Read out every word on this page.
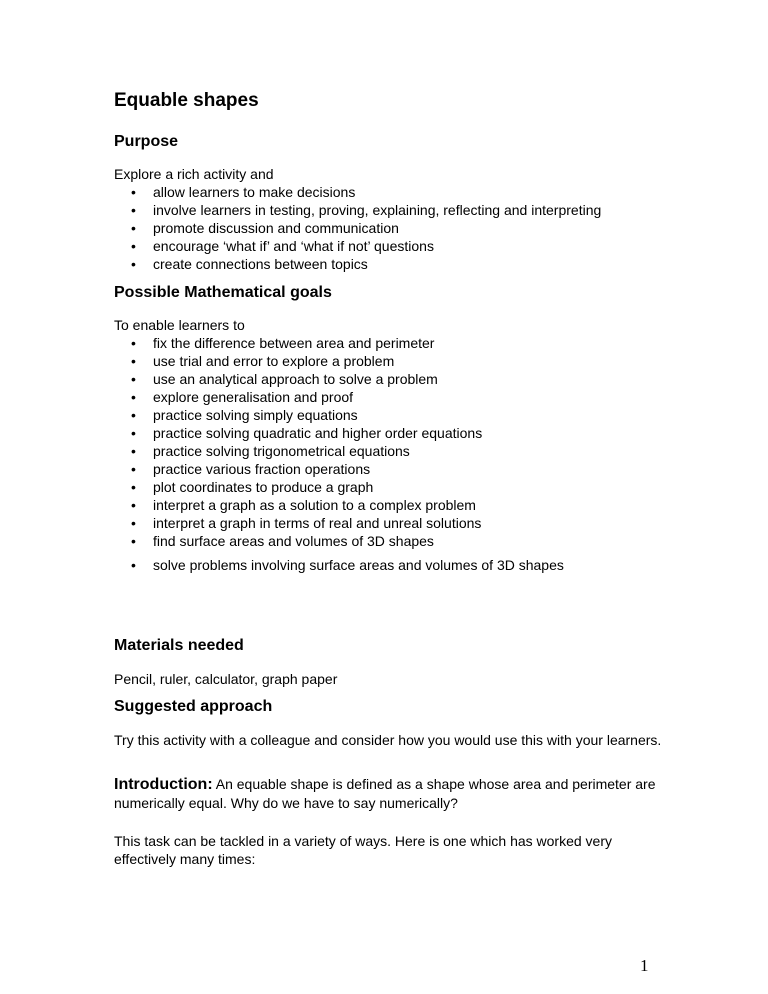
Equable shapes
Purpose

Explore a rich activity and

• allow learners to make decisions
• involve learners in testing, proving, explaining, reflecting and interpreting
• promote discussion and communication
• encourage ‘what if’ and ‘what if not’ questions
• create connections between topics
Possible Mathematical goals

To enable learners to

• fix the difference between area and perimeter
• use trial and error to explore a problem
• use an analytical approach to solve a problem
• explore generalisation and proof
• practice solving simply equations
• practice solving quadratic and higher order equations
• practice solving trigonometrical equations
• practice various fraction operations
• plot coordinates to produce a graph
• interpret a graph as a solution to a complex problem
• interpret a graph in terms of real and unreal solutions
• find surface areas and volumes of 3D shapes
• solve problems involving surface areas and volumes of 3D shapes
Materials needed

Pencil, ruler, calculator, graph paper

Suggested approach

Try this activity with a colleague and consider how you would use this with your learners.

Introduction: An equable shape is defined as a shape whose area and perimeter are numerically equal. Why do we have to say numerically?

This task can be tackled in a variety of ways. Here is one which has worked very effectively many times:

1
